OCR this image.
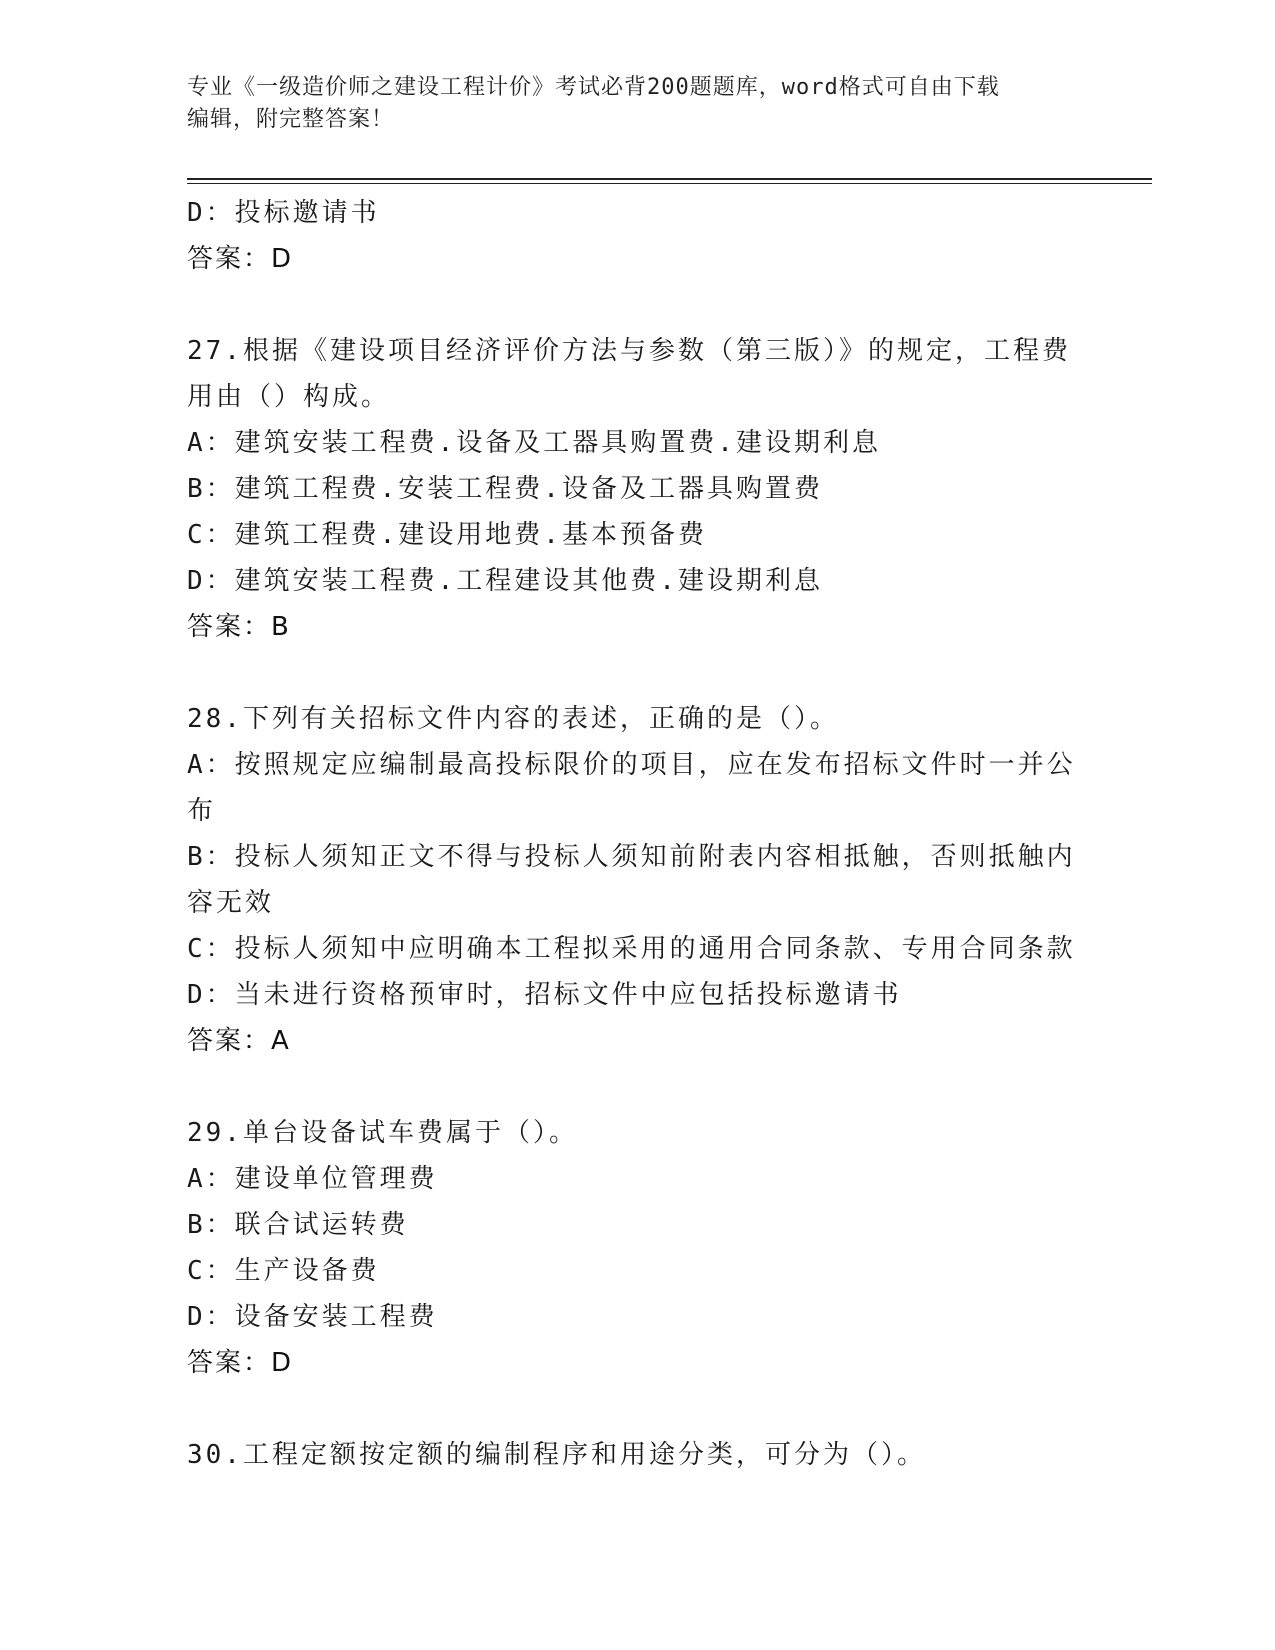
专业《一级造价师之建设工程计价》考试必背200题题库，word格式可自由下载
编辑，附完整答案！
D：投标邀请书
答案：D
27.根据《建设项目经济评价方法与参数（第三版）》的规定，工程费
用由（）构成。
A：建筑安装工程费.设备及工器具购置费.建设期利息
B：建筑工程费.安装工程费.设备及工器具购置费
C：建筑工程费.建设用地费.基本预备费
D：建筑安装工程费.工程建设其他费.建设期利息
答案：B
28.下列有关招标文件内容的表述，正确的是（）。
A：按照规定应编制最高投标限价的项目，应在发布招标文件时一并公
布
B：投标人须知正文不得与投标人须知前附表内容相抵触，否则抵触内
容无效
C：投标人须知中应明确本工程拟采用的通用合同条款、专用合同条款
D：当未进行资格预审时，招标文件中应包括投标邀请书
答案：A
29.单台设备试车费属于（）。
A：建设单位管理费
B：联合试运转费
C：生产设备费
D：设备安装工程费
答案：D
30.工程定额按定额的编制程序和用途分类，可分为（）。
